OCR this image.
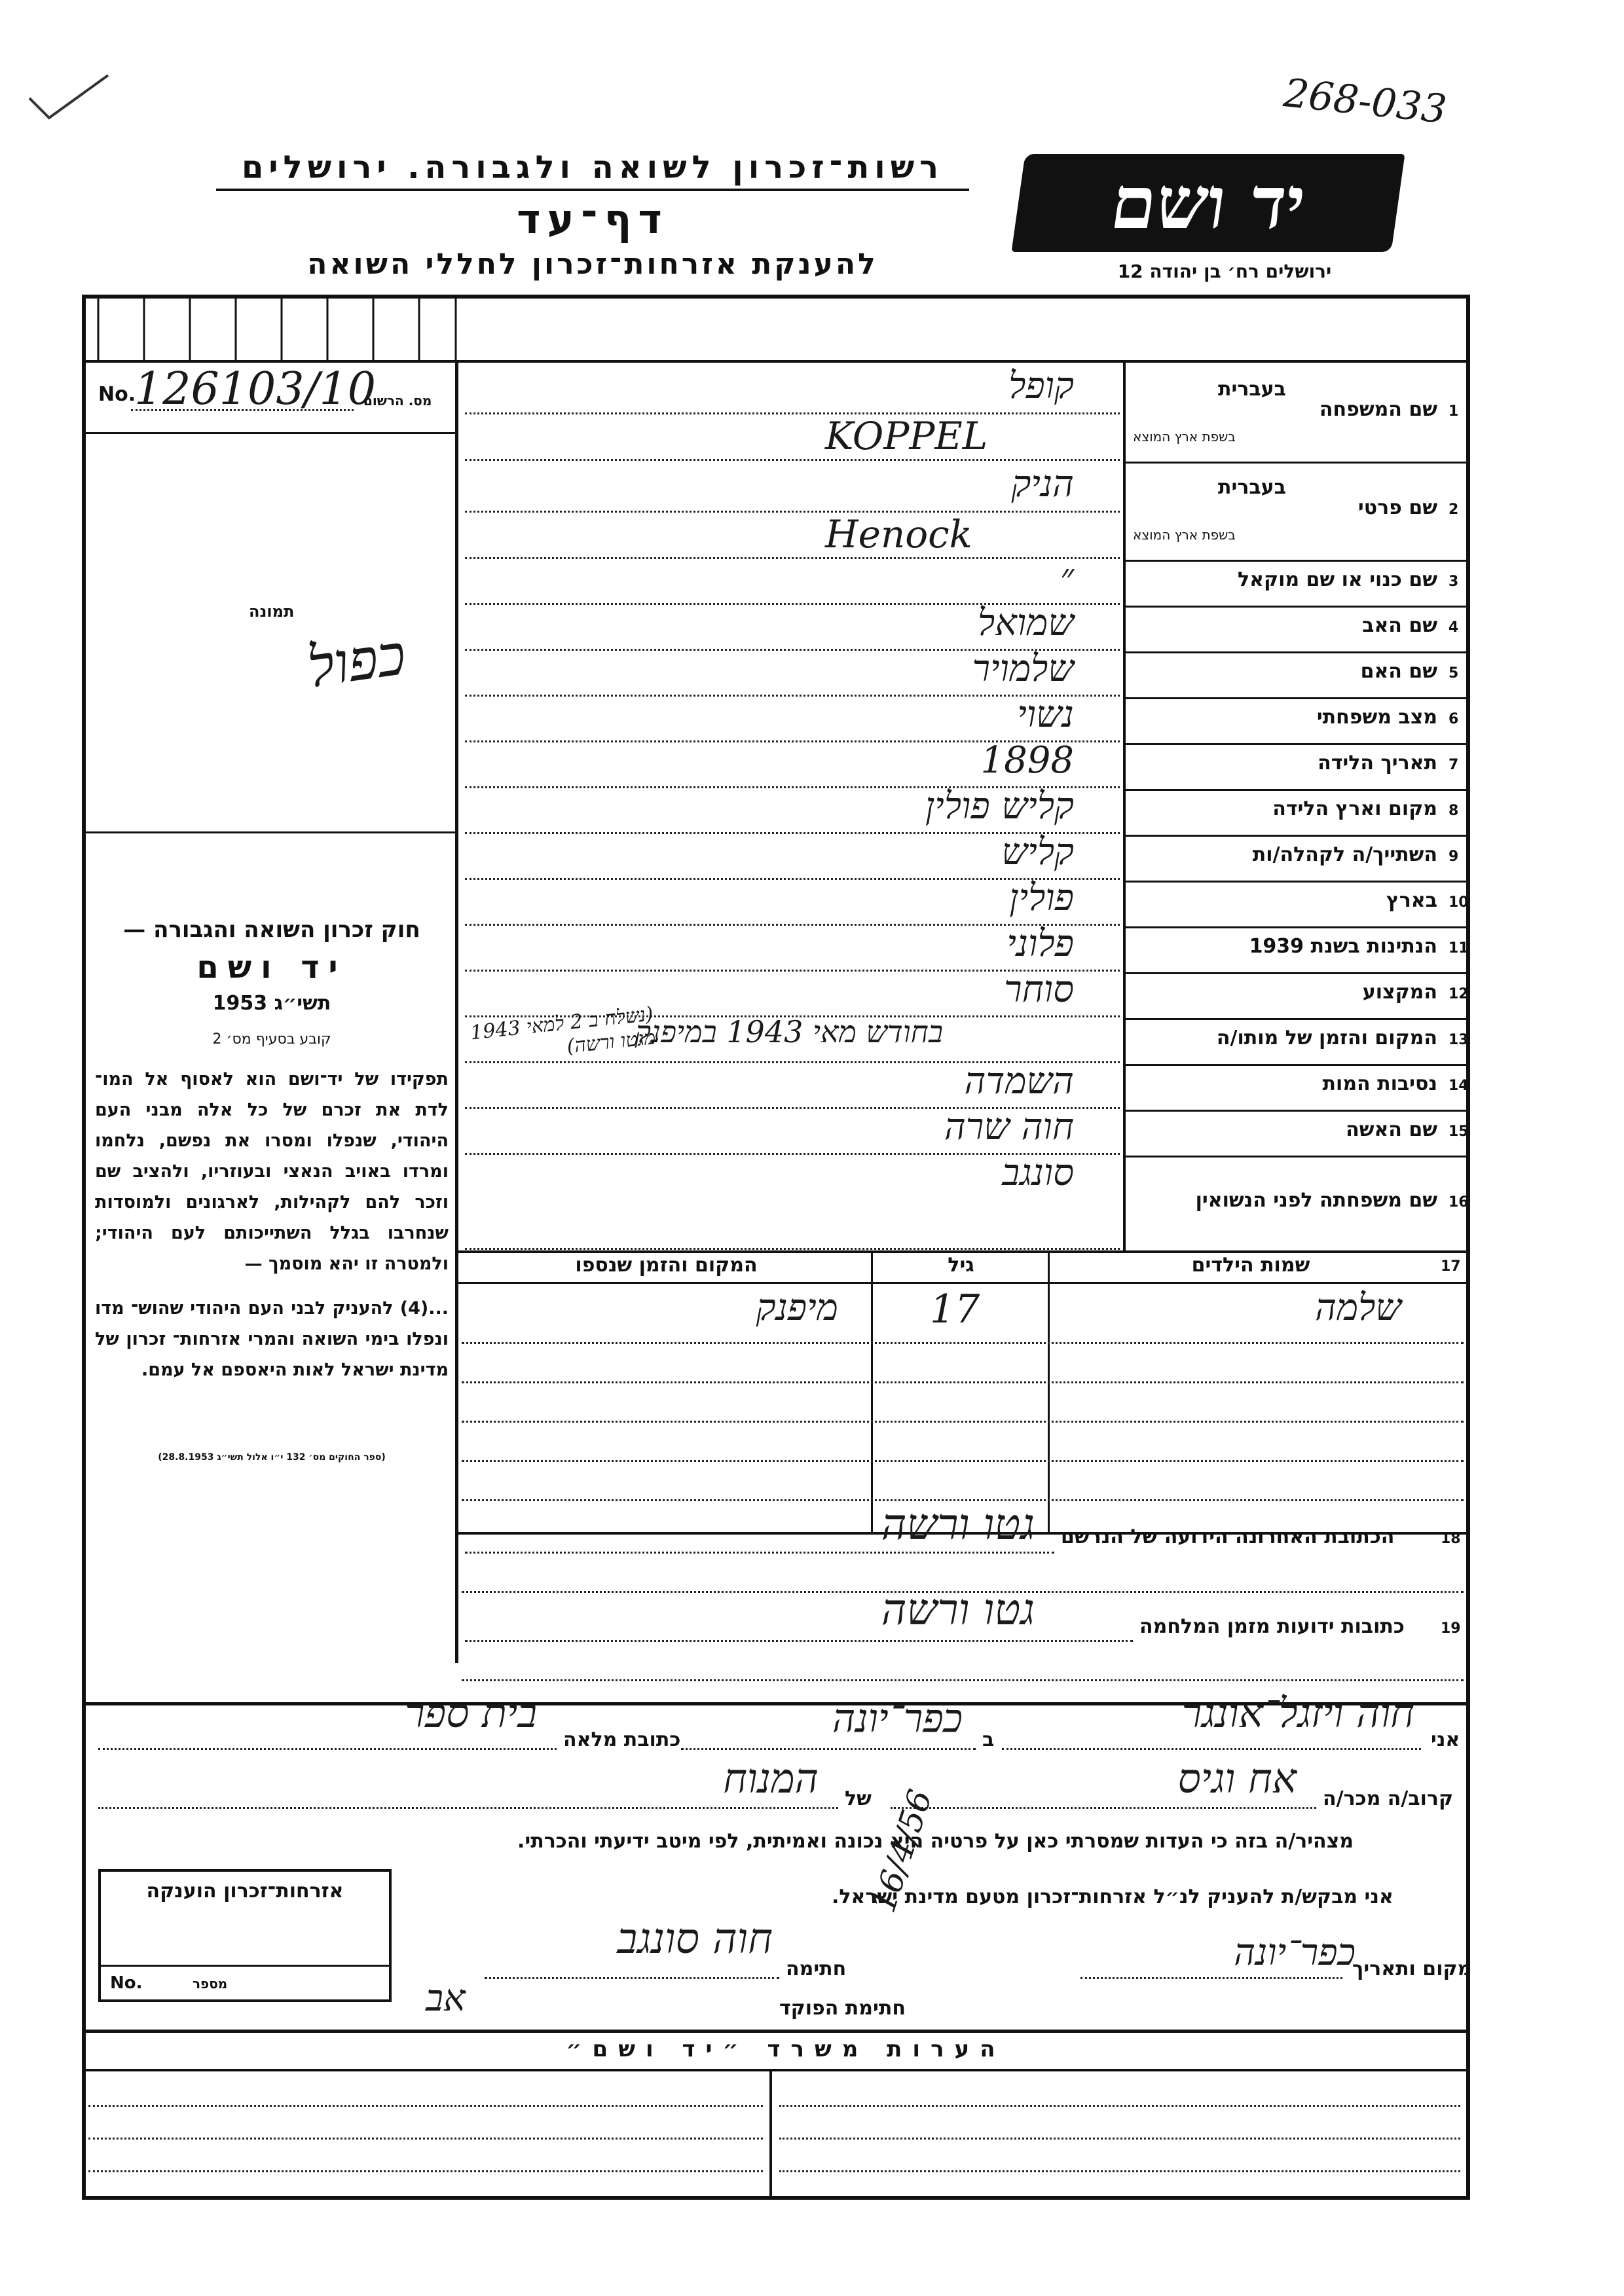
268-033
רשות־זכרון לשואה ולגבורה. ירושלים
דף־עד
להענקת אזרחות־זכרון לחללי השואה
יד ושם
ירושלים רח׳ בן יהודה 12
No.
126103/10
מס. הרשום
תמונה
כפול
חוק זכרון השואה והגבורה —
יד ושם
תשי״ג 1953
קובע בסעיף מס׳ 2
תפקידו של יד־ושם הוא לאסוף אל המו־ לדת את זכרם של כל אלה מבני העם היהודי, שנפלו ומסרו את נפשם, נלחמו ומרדו באויב הנאצי ובעוזריו, ולהציב שם וזכר להם לקהילות, לארגונים ולמוסדות שנחרבו בגלל השתייכותם לעם היהודי; ולמטרה זו יהא מוסמך —
...(4) להעניק לבני העם היהודי שהוש־ מדו ונפלו בימי השואה והמרי אזרחות־ זכרון של מדינת ישראל לאות היאספם אל עמם.
(ספר החוקים מס׳ 132 י״ו אלול תשי״ג 28.8.1953)
1
שם המשפחה
בעברית
בשפת ארץ המוצא
קופל
KOPPEL
2
שם פרטי
בעברית
בשפת ארץ המוצא
הניק
Henock
3
שם כנוי או שם מוקאל
״
4
שם האב
שמואל
5
שם האם
שלמויר
6
מצב משפחתי
נשוי
7
תאריך הלידה
1898
8
מקום וארץ הלידה
קליש פולין
9
השתייך/ה לקהלה/ות
קליש
10
בארץ
פולין
11
הנתינות בשנת 1939
פלוני
12
המקצוע
סוחר
13
המקום והזמן של מותו/ה
בחודש מאי 1943 במיפנק
(נשלח ב 2 למאי 1943 מגטו ורשה)
14
נסיבות המות
השמדה
15
שם האשה
חוה שרה
16
שם משפחתה לפני הנשואין
סונגב
17
שמות הילדים
גיל
המקום והזמן שנספו
שלמה
17
מיפנק
18
הכתובת האחרונה הידועה של הנרשם
גטו ורשה
19
כתובות ידועות מזמן המלחמה
גטו ורשה
אני
חוה ויזגל־אונגר
ב
כפר־יונה
כתובת מלאה
בית ספר
קרוב/ה מכר/ה
אח וגיס
של
המנוח
מצהיר/ה בזה כי העדות שמסרתי כאן על פרטיה היא נכונה ואמיתית, לפי מיטב ידיעתי והכרתי.
אני מבקש/ת להעניק לנ״ל אזרחות־זכרון מטעם מדינת ישראל.
אזרחות־זכרון הוענקה
No.	מספר
מקום ותאריך
כפר־יונה
16/4/56
חתימה
חוה סונגב
חתימת הפוקד
אב
הערות משרד ״יד ושם״
